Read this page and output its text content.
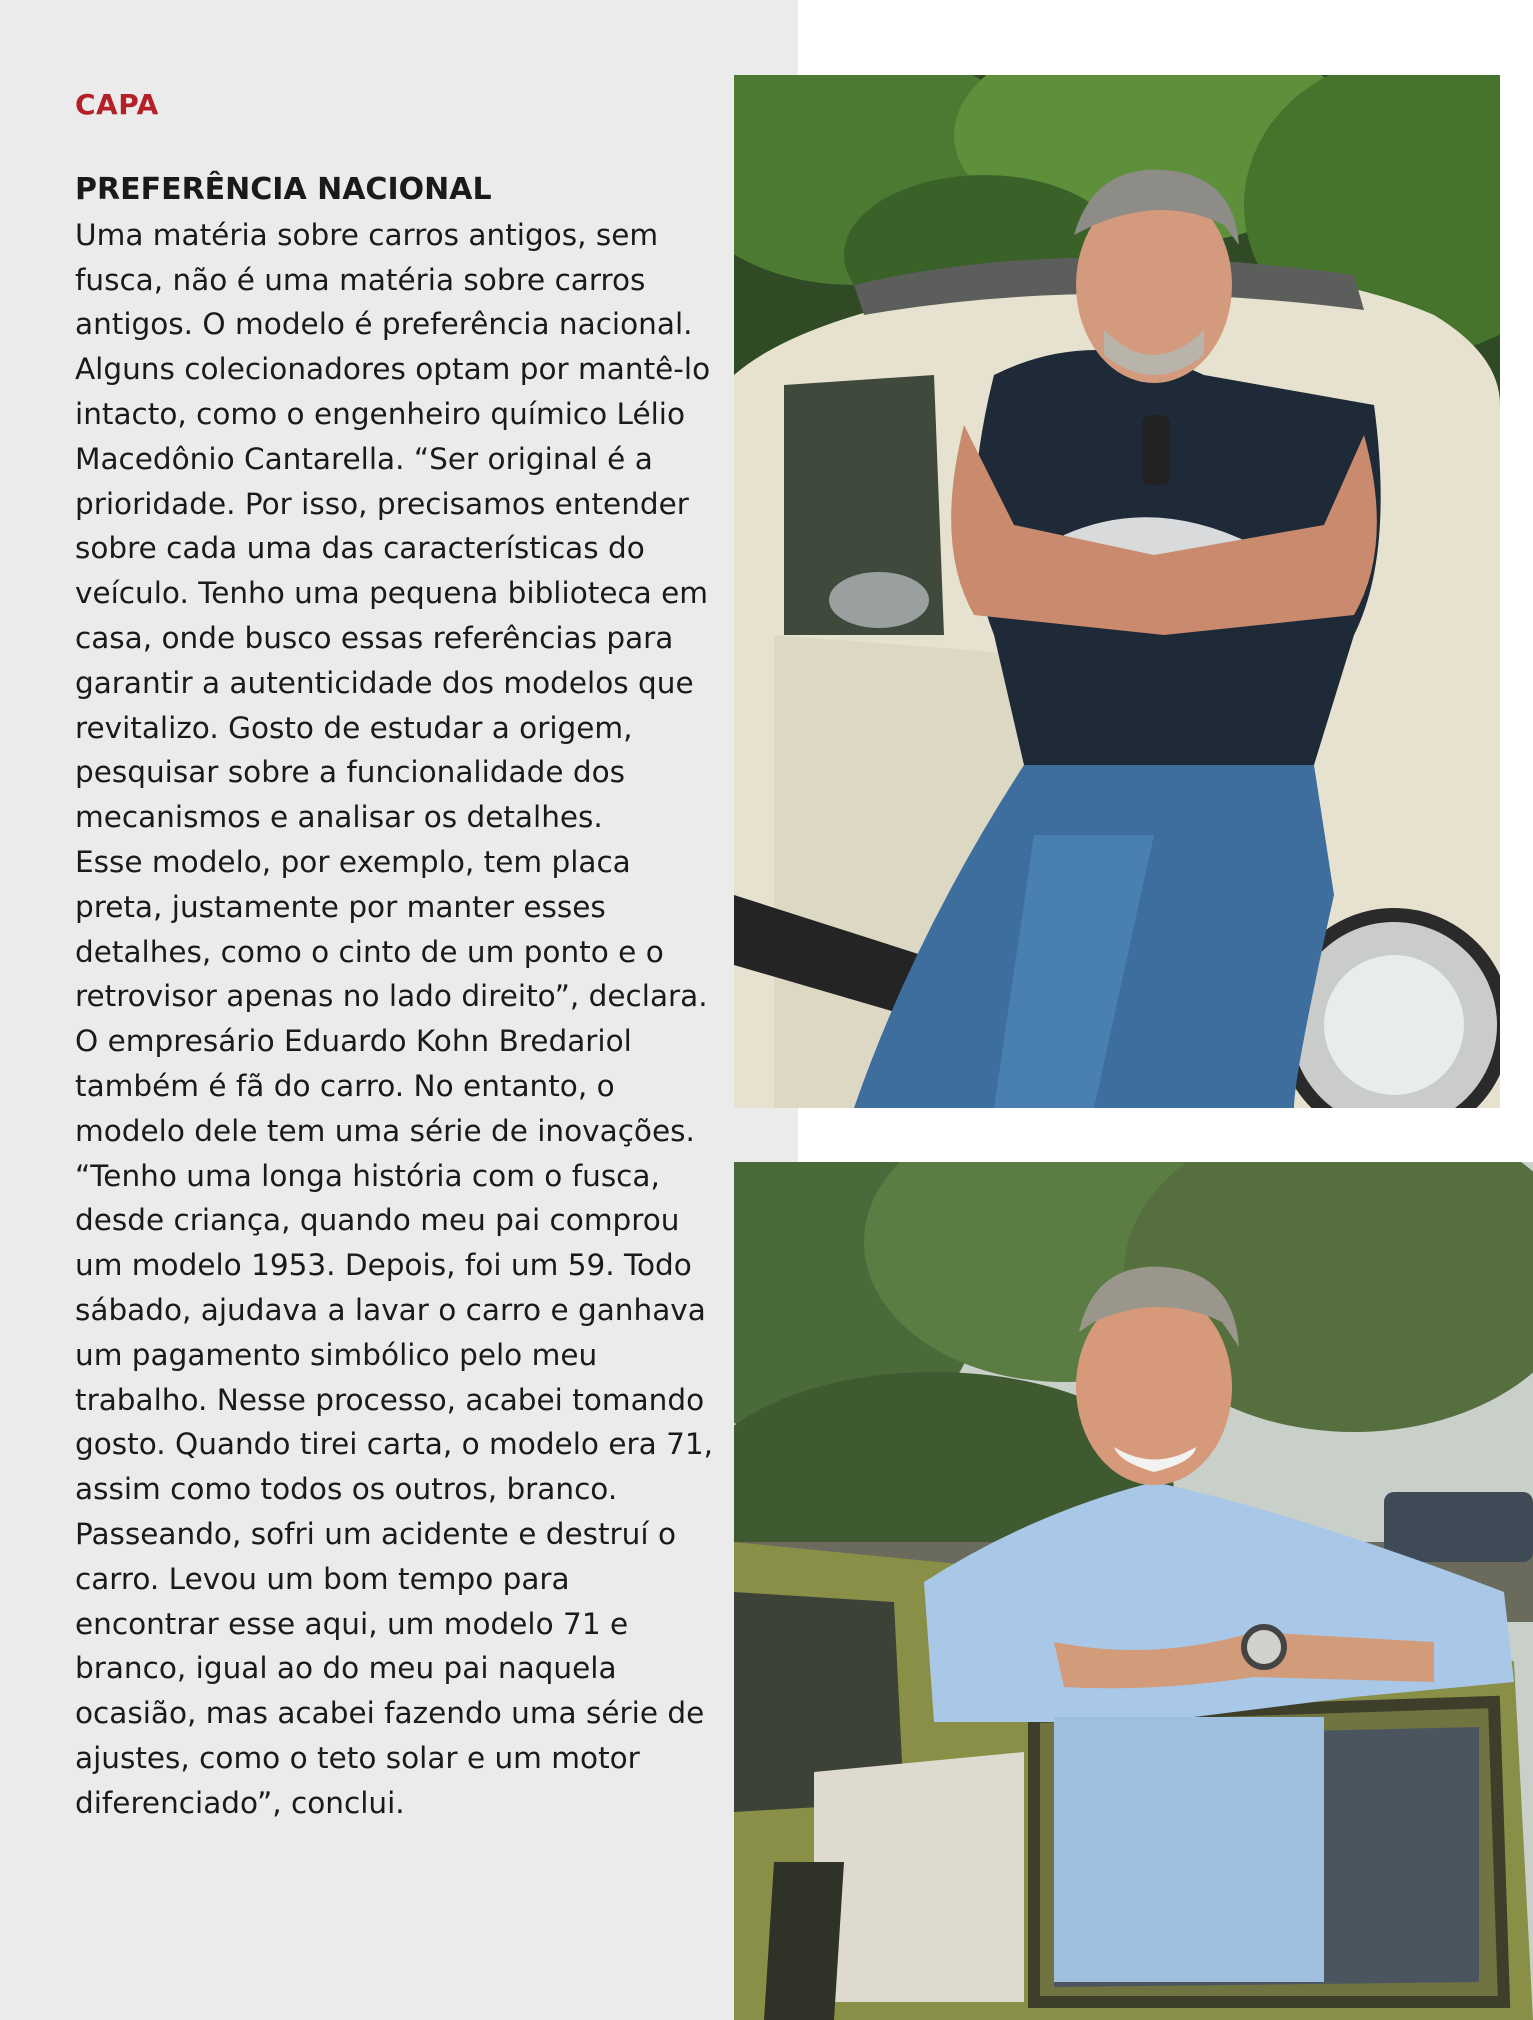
CAPA
PREFERÊNCIA NACIONAL

Uma matéria sobre carros antigos, sem fusca, não é uma matéria sobre carros antigos. O modelo é preferência nacional. Alguns colecionadores optam por mantê-lo intacto, como o engenheiro químico Lélio Macedônio Cantarella. “Ser original é a prioridade. Por isso, precisamos entender sobre cada uma das características do veículo. Tenho uma pequena biblioteca em casa, onde busco essas referências para garantir a autenticidade dos modelos que revitalizo. Gosto de estudar a origem, pesquisar sobre a funcionalidade dos mecanismos e analisar os detalhes.

Esse modelo, por exemplo, tem placa preta, justamente por manter esses detalhes, como o cinto de um ponto e o retrovisor apenas no lado direito”, declara.

O empresário Eduardo Kohn Bredariol também é fã do carro. No entanto, o modelo dele tem uma série de inovações. “Tenho uma longa história com o fusca, desde criança, quando meu pai comprou um modelo 1953. Depois, foi um 59. Todo sábado, ajudava a lavar o carro e ganhava um pagamento simbólico pelo meu trabalho. Nesse processo, acabei tomando gosto. Quando tirei carta, o modelo era 71, assim como todos os outros, branco.

Passeando, sofri um acidente e destruí o carro. Levou um bom tempo para encontrar esse aqui, um modelo 71 e branco, igual ao do meu pai naquela ocasião, mas acabei fazendo uma série de ajustes, como o teto solar e um motor diferenciado”, conclui.
